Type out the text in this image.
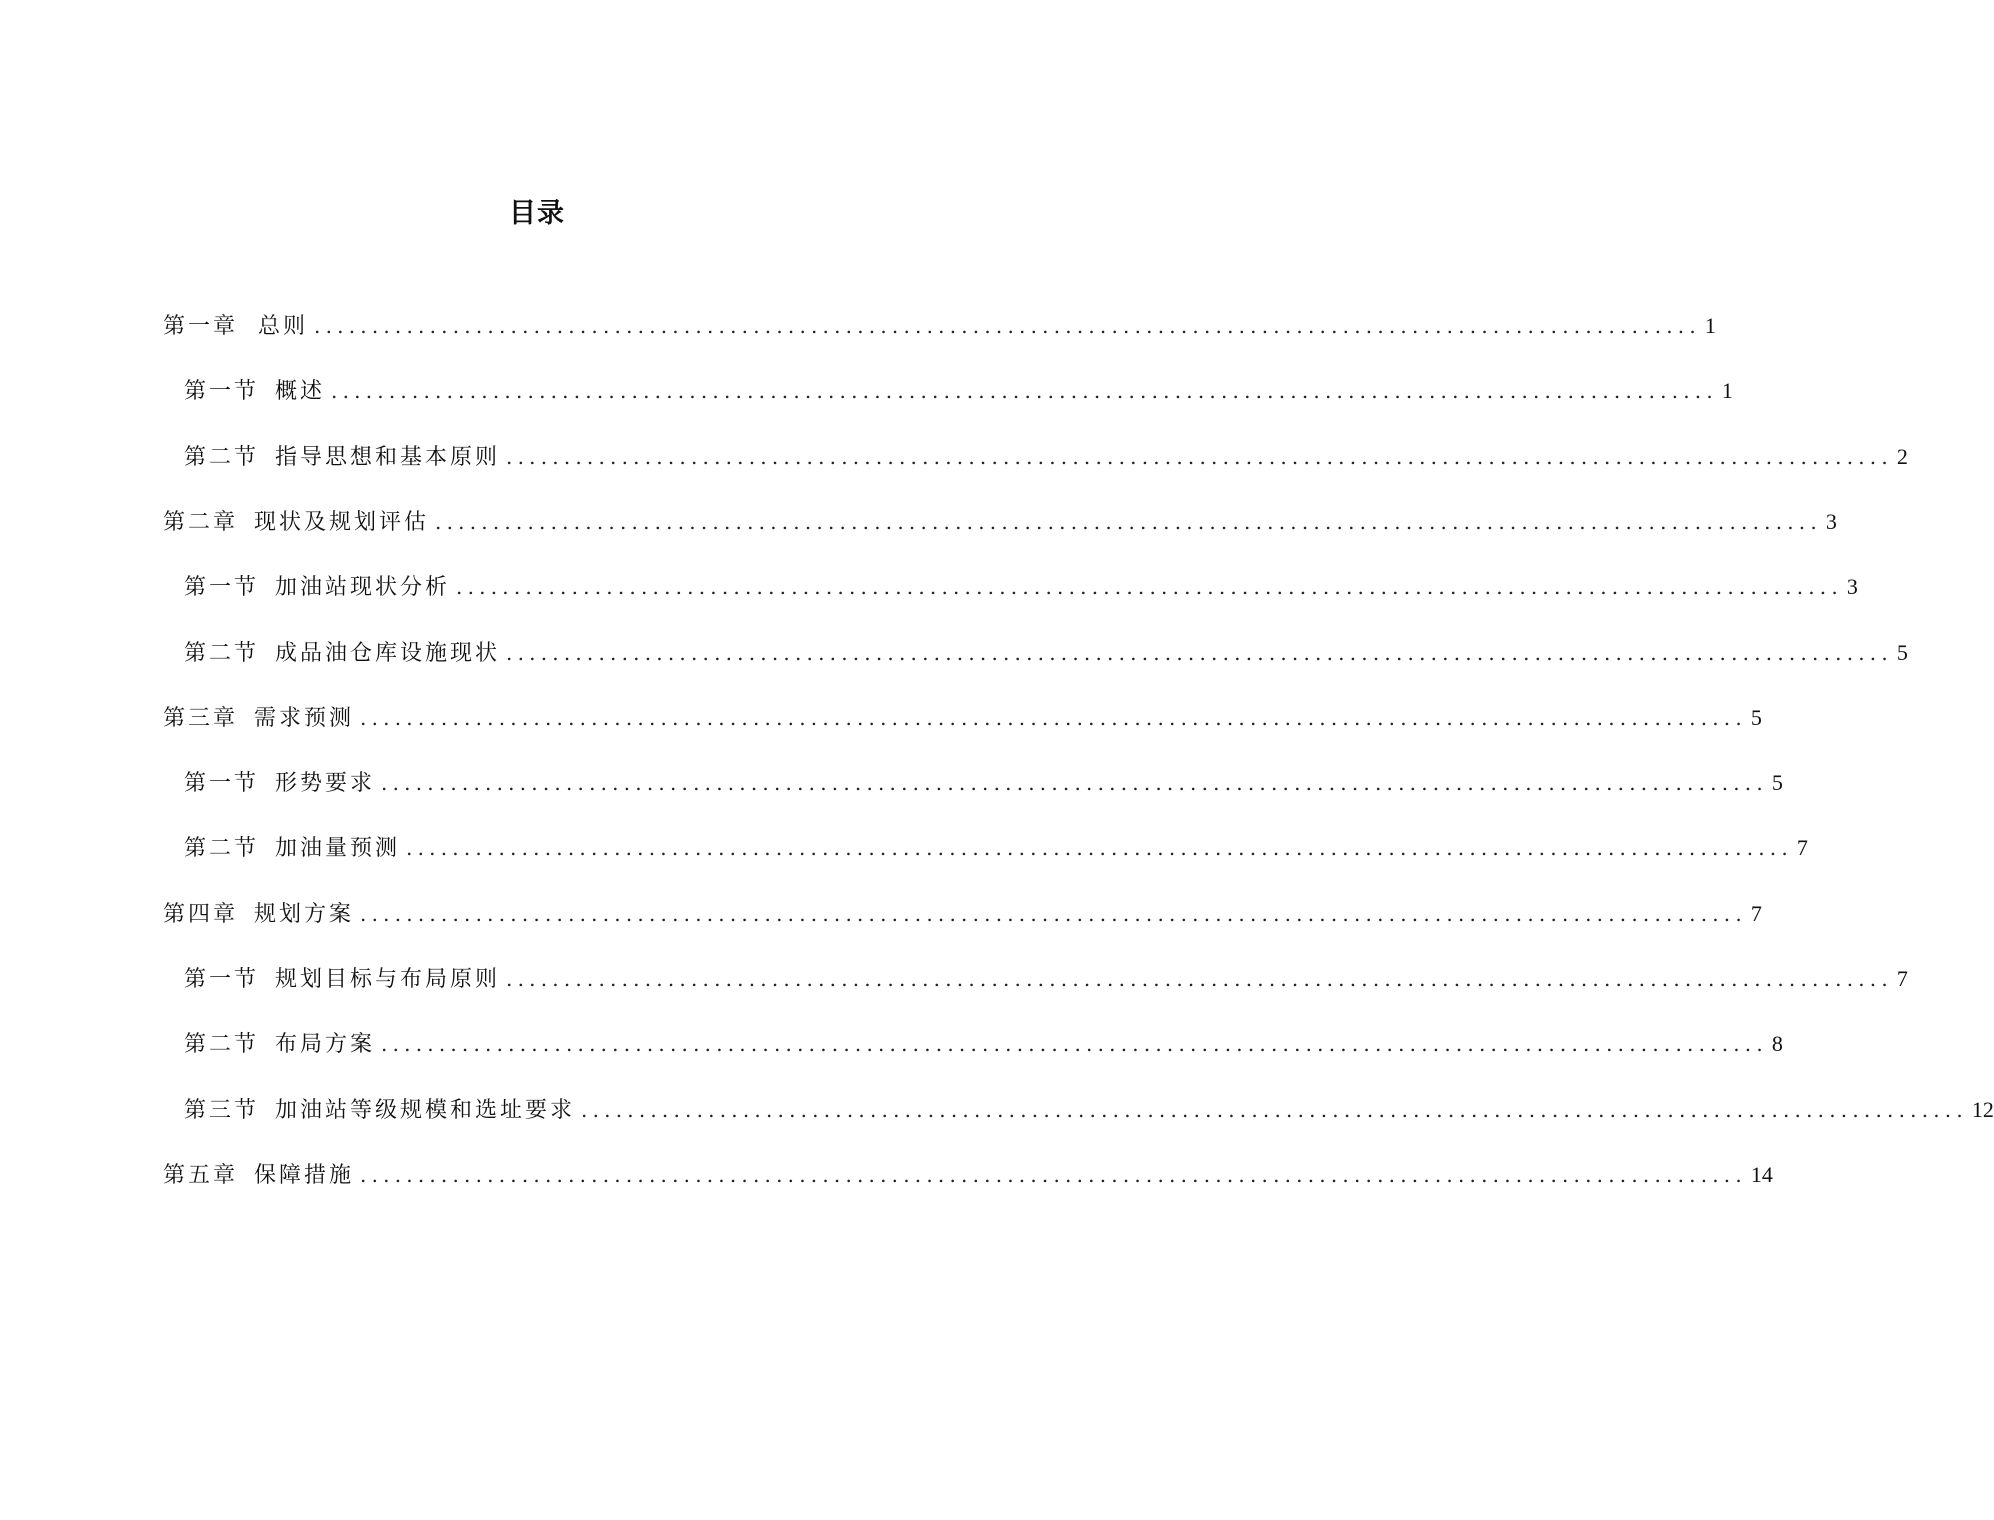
目录
第一章 总则 ........................................................................................................................ 1
第一节 概述 ........................................................................................................................ 1
第二节 指导思想和基本原则 ........................................................................................................................ 2
第二章 现状及规划评估 ........................................................................................................................ 3
第一节 加油站现状分析 ........................................................................................................................ 3
第二节 成品油仓库设施现状 ........................................................................................................................ 5
第三章 需求预测 ........................................................................................................................ 5
第一节 形势要求 ........................................................................................................................ 5
第二节 加油量预测 ........................................................................................................................ 7
第四章 规划方案 ........................................................................................................................ 7
第一节 规划目标与布局原则 ........................................................................................................................ 7
第二节 布局方案 ........................................................................................................................ 8
第三节 加油站等级规模和选址要求 ........................................................................................................................ 12
第五章 保障措施 ........................................................................................................................ 14
